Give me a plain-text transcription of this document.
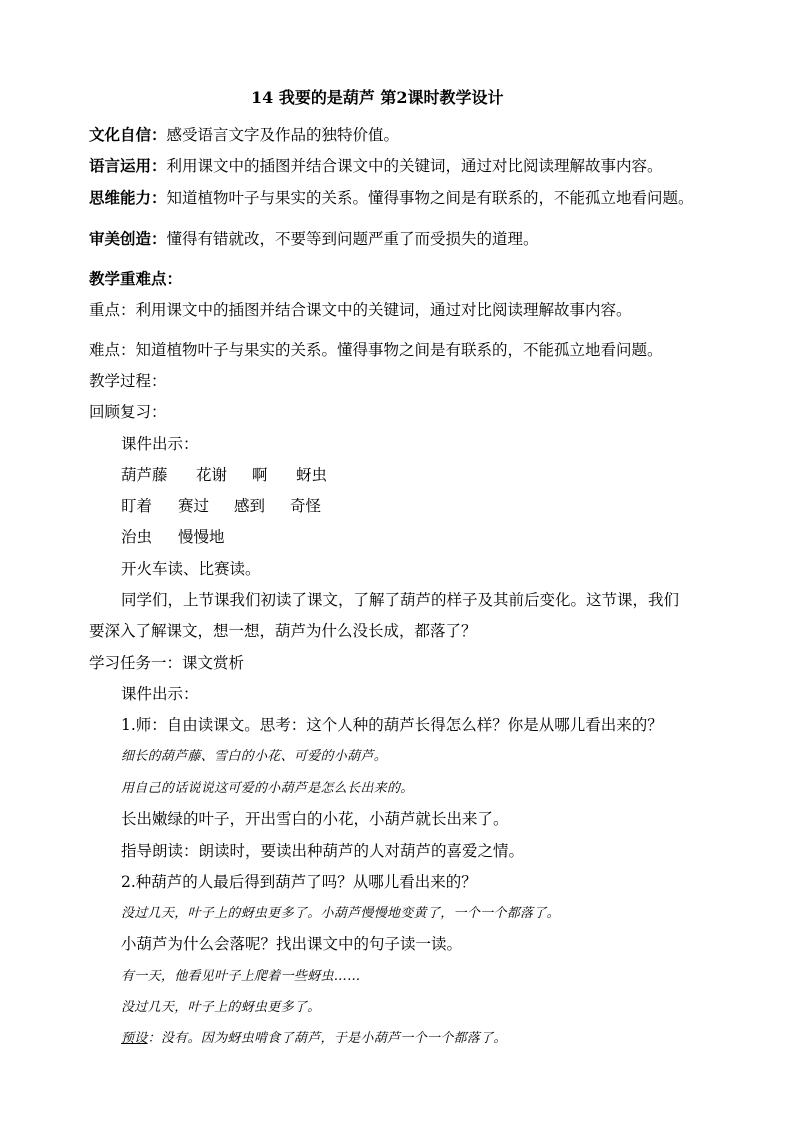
14 我要的是葫芦 第2课时教学设计
文化自信：感受语言文字及作品的独特价值。
语言运用：利用课文中的插图并结合课文中的关键词，通过对比阅读理解故事内容。
思维能力：知道植物叶子与果实的关系。懂得事物之间是有联系的，不能孤立地看问题。
审美创造：懂得有错就改，不要等到问题严重了而受损失的道理。
教学重难点：
重点：利用课文中的插图并结合课文中的关键词，通过对比阅读理解故事内容。
难点：知道植物叶子与果实的关系。懂得事物之间是有联系的，不能孤立地看问题。
教学过程：
回顾复习：
课件出示：
葫芦藤 花谢 啊 蚜虫
盯着 赛过 感到 奇怪
治虫 慢慢地
开火车读、比赛读。
同学们，上节课我们初读了课文，了解了葫芦的样子及其前后变化。这节课，我们
要深入了解课文，想一想，葫芦为什么没长成，都落了？
学习任务一：课文赏析
课件出示：
1.师：自由读课文。思考：这个人种的葫芦长得怎么样？你是从哪儿看出来的？
细长的葫芦藤、雪白的小花、可爱的小葫芦。
用自己的话说说这可爱的小葫芦是怎么长出来的。
长出嫩绿的叶子，开出雪白的小花，小葫芦就长出来了。
指导朗读：朗读时，要读出种葫芦的人对葫芦的喜爱之情。
2.种葫芦的人最后得到葫芦了吗？从哪儿看出来的？
没过几天，叶子上的蚜虫更多了。小葫芦慢慢地变黄了，一个一个都落了。
小葫芦为什么会落呢？找出课文中的句子读一读。
有一天，他看见叶子上爬着一些蚜虫……
没过几天，叶子上的蚜虫更多了。
预设：没有。因为蚜虫啃食了葫芦，于是小葫芦一个一个都落了。
